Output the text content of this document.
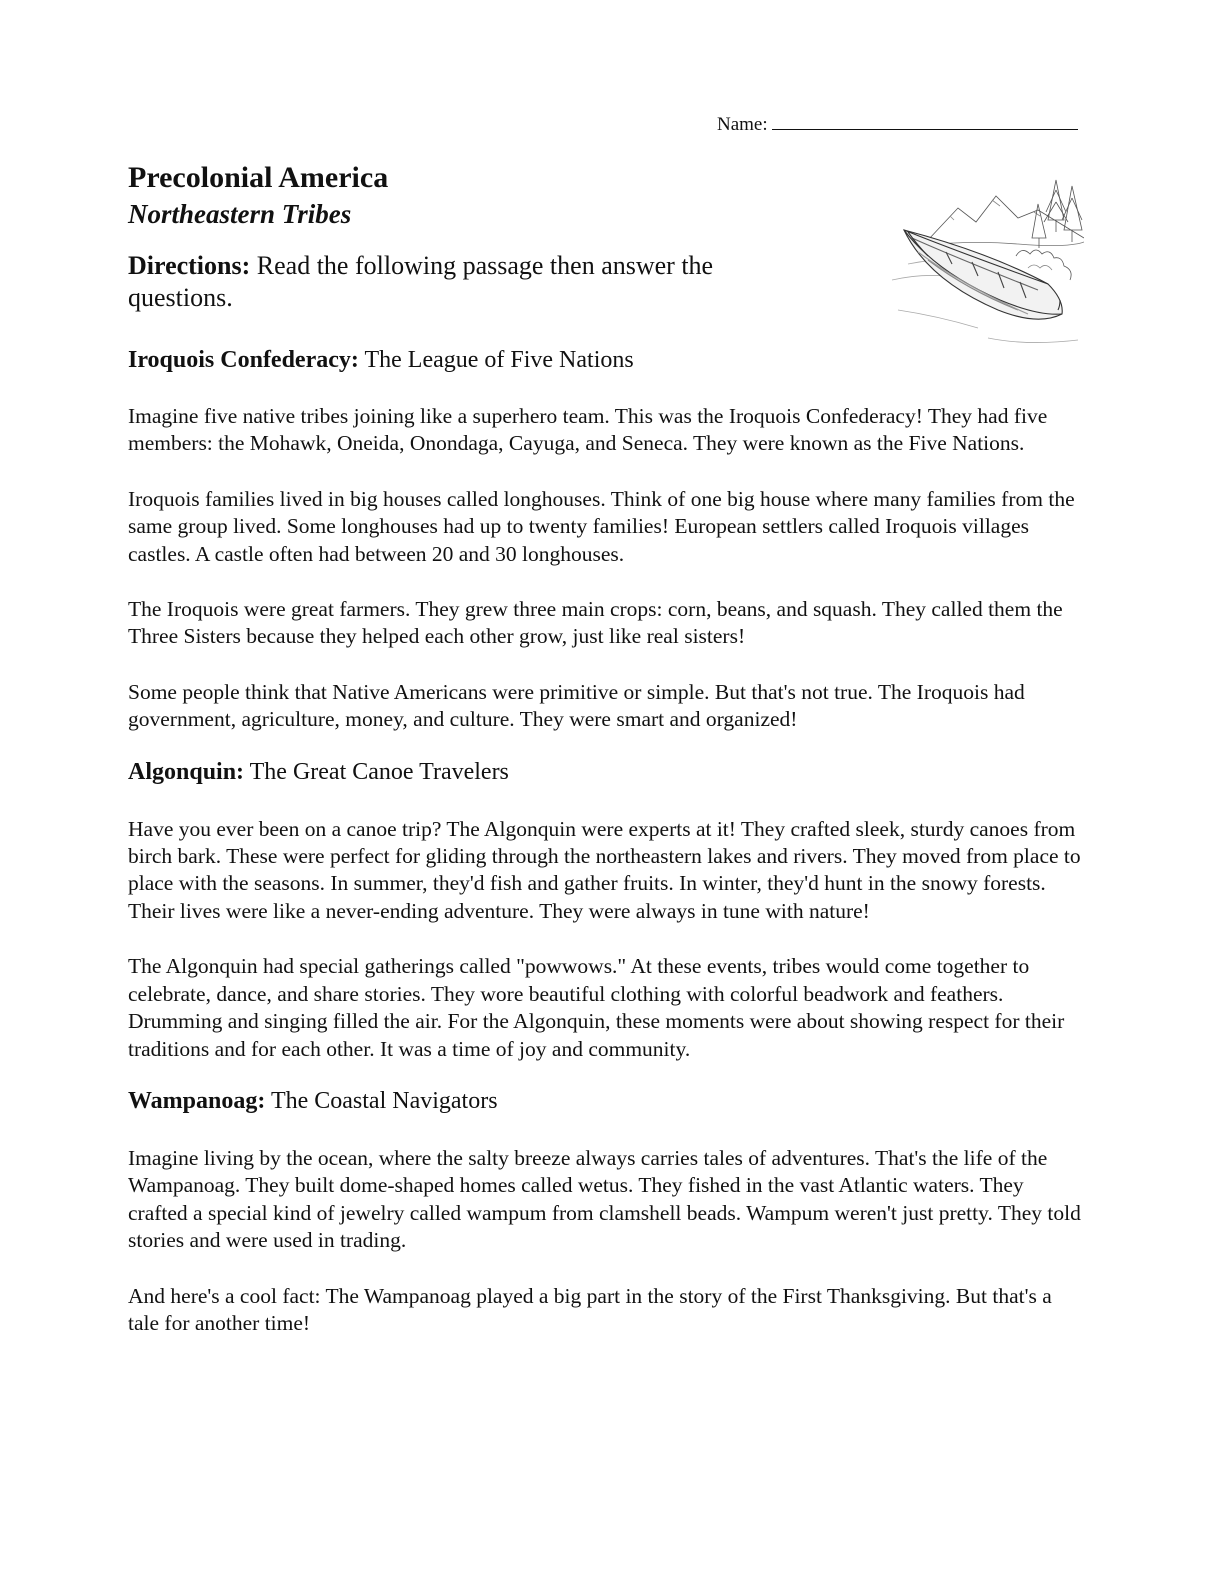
Name:
Precolonial America
Northeastern Tribes
Directions: Read the following passage then answer the questions.
Iroquois Confederacy: The League of Five Nations

Imagine five native tribes joining like a superhero team. This was the Iroquois Confederacy! They had five members: the Mohawk, Oneida, Onondaga, Cayuga, and Seneca. They were known as the Five Nations.

Iroquois families lived in big houses called longhouses. Think of one big house where many families from the same group lived. Some longhouses had up to twenty families! European settlers called Iroquois villages castles. A castle often had between 20 and 30 longhouses.

The Iroquois were great farmers. They grew three main crops: corn, beans, and squash. They called them the Three Sisters because they helped each other grow, just like real sisters!

Some people think that Native Americans were primitive or simple. But that's not true. The Iroquois had government, agriculture, money, and culture. They were smart and organized!

Algonquin: The Great Canoe Travelers

Have you ever been on a canoe trip? The Algonquin were experts at it! They crafted sleek, sturdy canoes from birch bark. These were perfect for gliding through the northeastern lakes and rivers. They moved from place to place with the seasons. In summer, they'd fish and gather fruits. In winter, they'd hunt in the snowy forests. Their lives were like a never-ending adventure. They were always in tune with nature!

The Algonquin had special gatherings called "powwows." At these events, tribes would come together to celebrate, dance, and share stories. They wore beautiful clothing with colorful beadwork and feathers. Drumming and singing filled the air. For the Algonquin, these moments were about showing respect for their traditions and for each other. It was a time of joy and community.

Wampanoag: The Coastal Navigators

Imagine living by the ocean, where the salty breeze always carries tales of adventures. That's the life of the Wampanoag. They built dome-shaped homes called wetus. They fished in the vast Atlantic waters. They crafted a special kind of jewelry called wampum from clamshell beads. Wampum weren't just pretty. They told stories and were used in trading.

And here's a cool fact: The Wampanoag played a big part in the story of the First Thanksgiving. But that's a tale for another time!
